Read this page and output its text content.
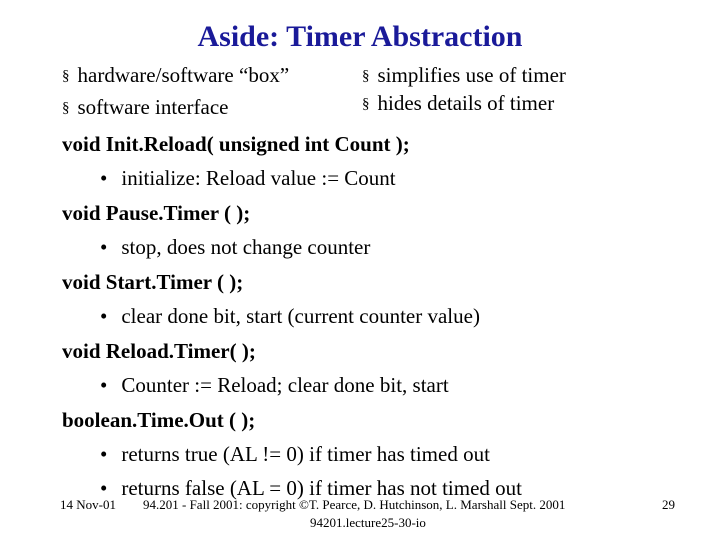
Aside: Timer Abstraction
§ hardware/software “box”
§ software interface
§ simplifies use of timer
§ hides details of timer
void Init.Reload( unsigned int Count );
• initialize: Reload value := Count
void Pause.Timer ( );
• stop, does not change counter
void Start.Timer ( );
• clear done bit, start (current counter value)
void Reload.Timer( );
• Counter := Reload; clear done bit, start
boolean.Time.Out ( );
• returns true (AL != 0) if timer has timed out
• returns false (AL = 0) if timer has not timed out
14 Nov-01 94.201 - Fall 2001: copyright ©T. Pearce, D. Hutchinson, L. Marshall Sept. 2001
94201.lecture25-30-io
29
